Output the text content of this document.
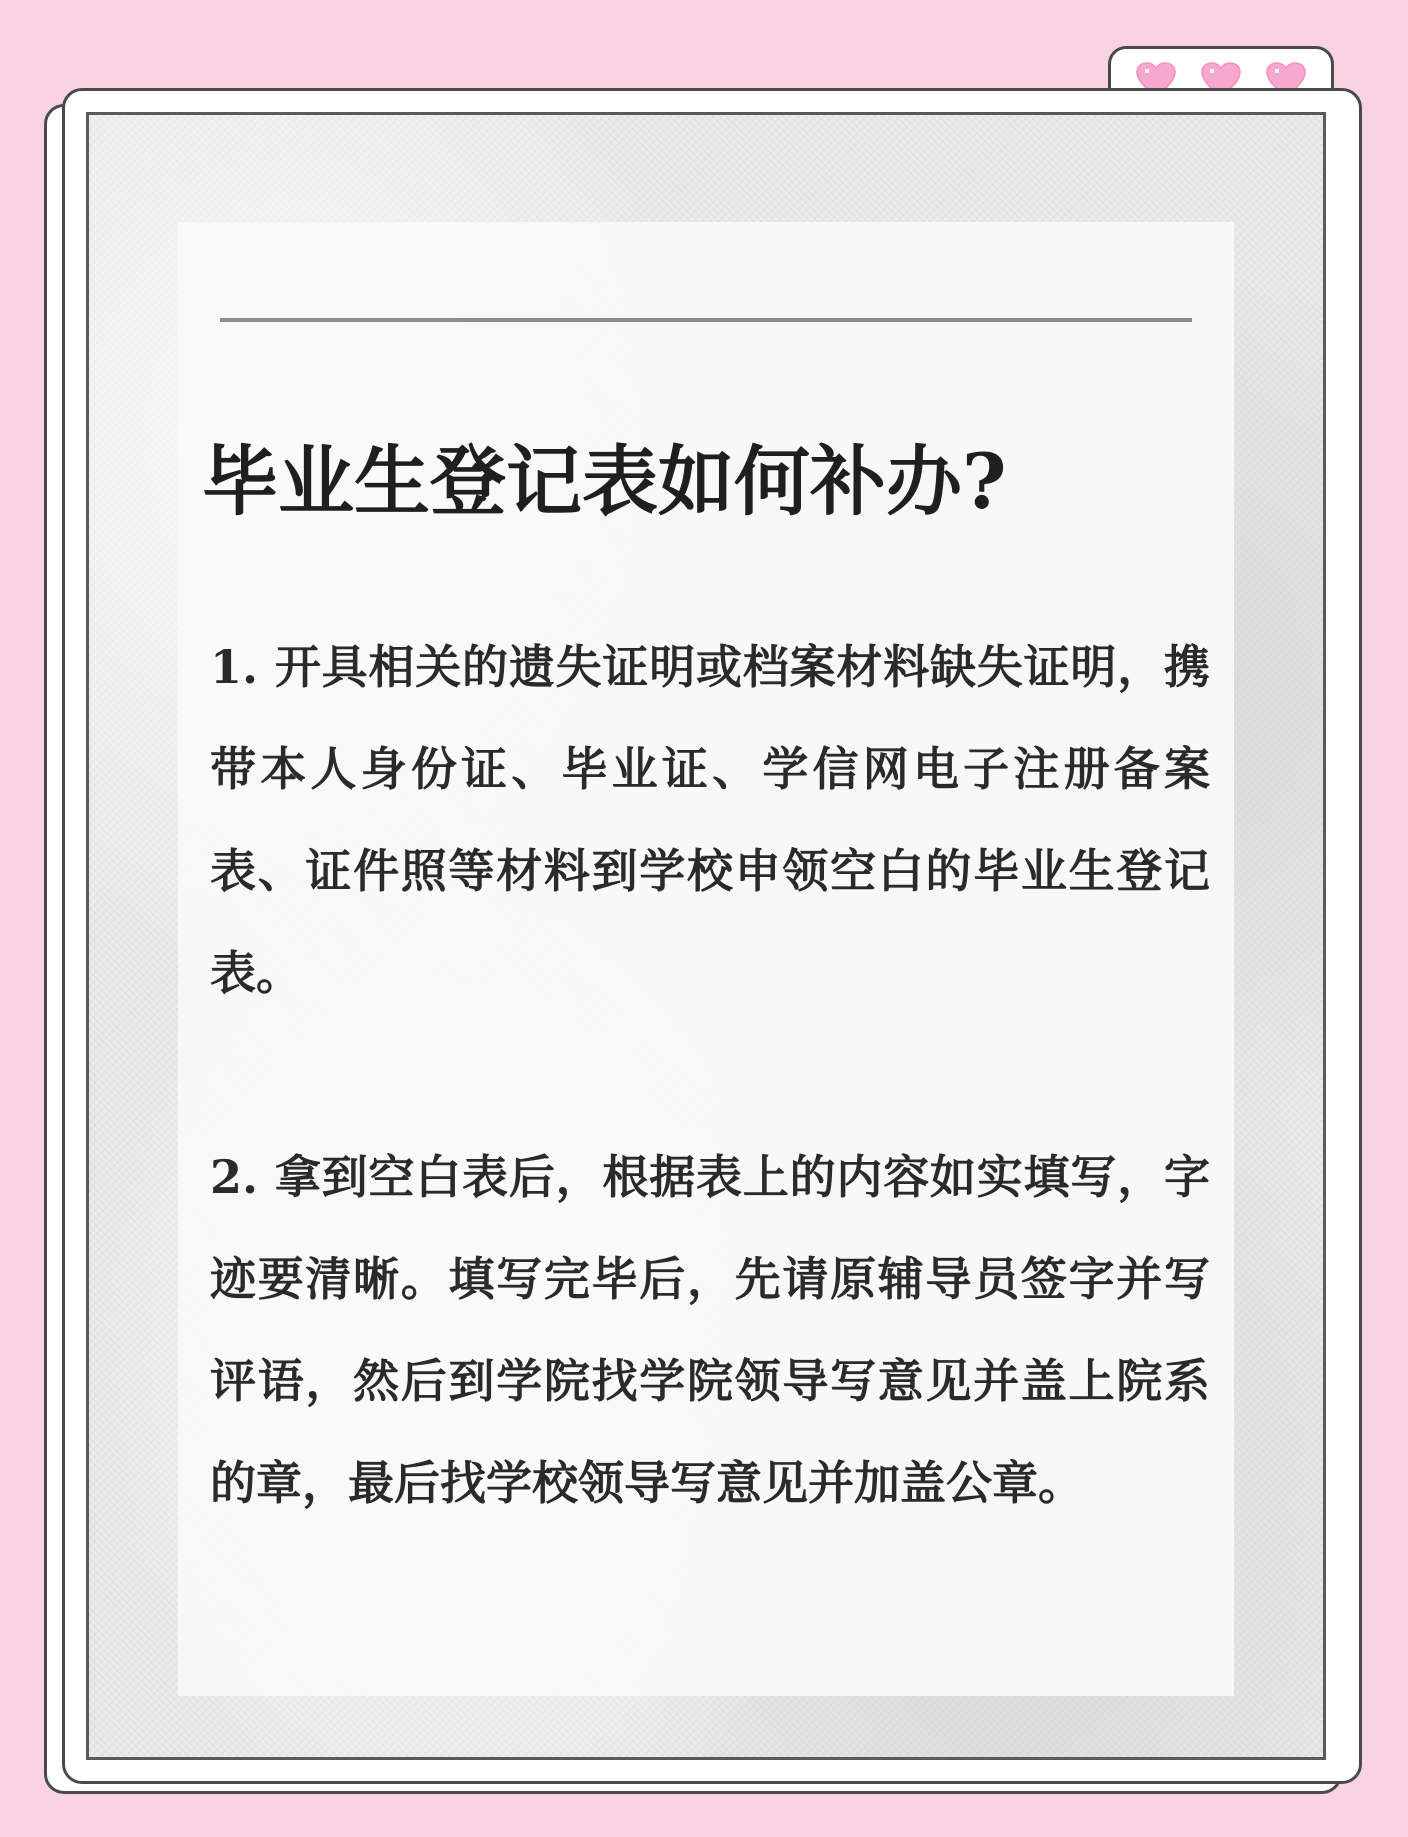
毕业生登记表如何补办?

1. 开具相关的遗失证明或档案材料缺失证明，携带本人身份证、毕业证、学信网电子注册备案表、证件照等材料到学校申领空白的毕业生登记表。

2. 拿到空白表后，根据表上的内容如实填写，字迹要清晰。填写完毕后，先请原辅导员签字并写评语，然后到学院找学院领导写意见并盖上院系的章，最后找学校领导写意见并加盖公章。
